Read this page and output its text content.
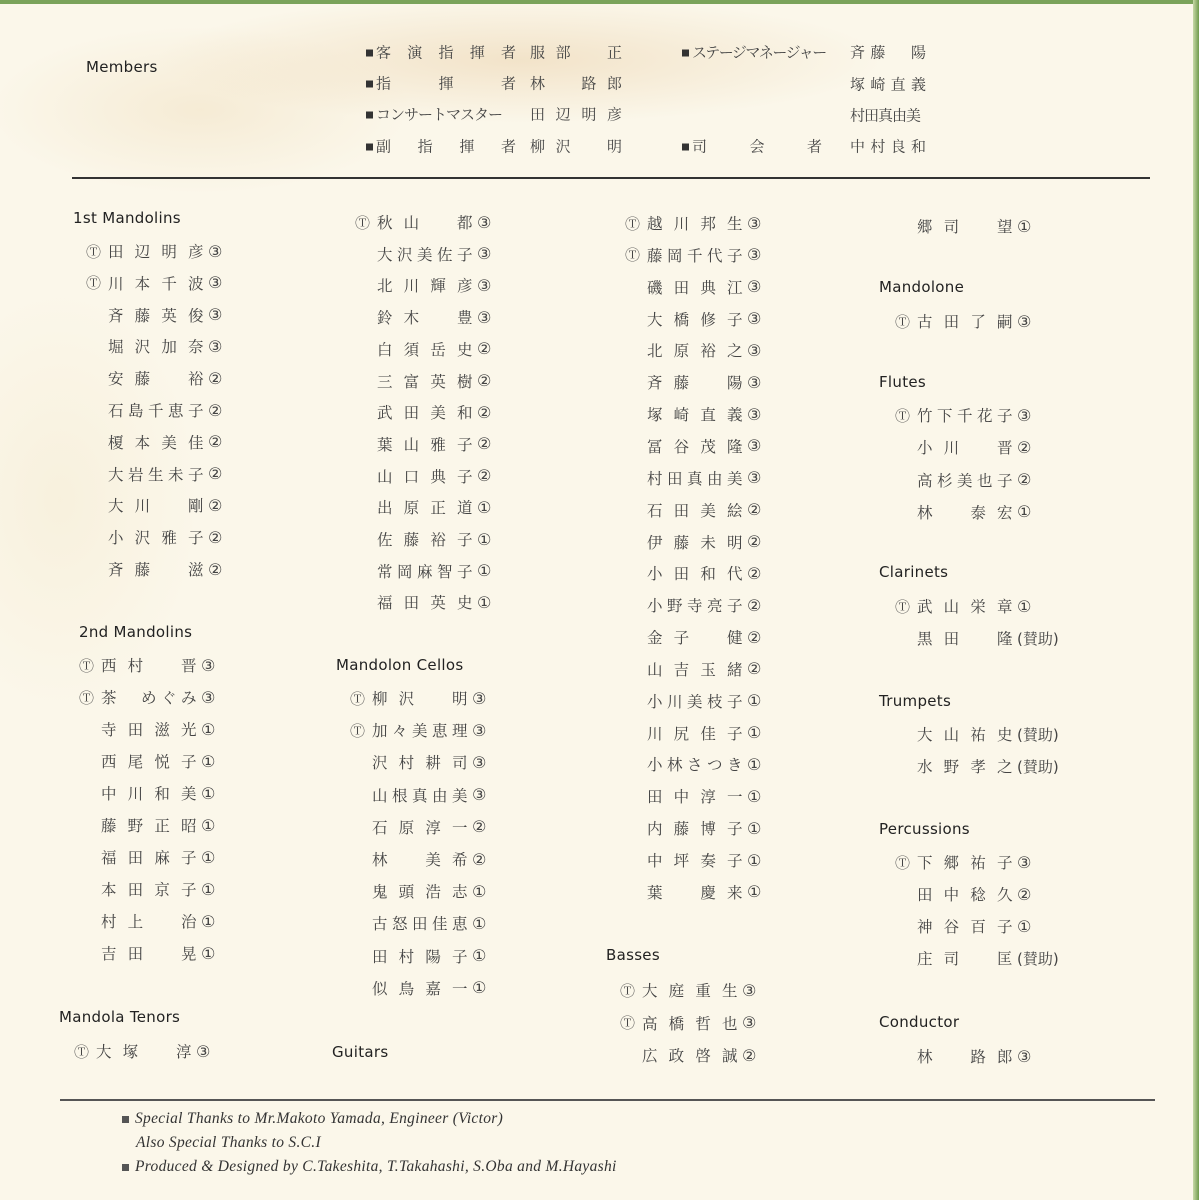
Members
客演指揮者 服部　正
指揮者 林　路郎
コンサートマスター	田辺明彦
副指揮者 柳沢　明
ステージマネージャー 斉藤　陽
塚崎直義
村田真由美
司会者 中村良和
1st Mandolins
Ⓣ 田辺明彦 ③
Ⓣ 川本千波 ③
斉藤英俊 ③
堀沢加奈 ③
安藤　裕 ②
石島千恵子 ②
榎本美佳 ②
大岩生未子 ②
大川　剛 ②
小沢雅子 ②
斉藤　滋 ②
Ⓣ 秋山　都 ③
大沢美佐子 ③
北川輝彦 ③
鈴木　豊 ③
白須岳史 ②
三富英樹 ②
武田美和 ②
葉山雅子 ②
山口典子 ②
出原正道 ①
佐藤裕子 ①
常岡麻智子 ①
福田英史 ①
Ⓣ 越川邦生 ③
Ⓣ 藤岡千代子 ③
磯田典江 ③
大橋修子 ③
北原裕之 ③
斉藤　陽 ③
塚崎直義 ③
冨谷茂隆 ③
村田真由美 ③
石田美絵 ②
伊藤未明 ②
小田和代 ②
小野寺亮子 ②
金子　健 ②
山吉玉緒 ②
小川美枝子 ①
川尻佳子 ①
小林さつき ①
田中淳一 ①
内藤博子 ①
中坪奏子 ①
葉　慶来 ①
郷司　望 ①
2nd Mandolins
Ⓣ 西村　晋 ③
Ⓣ 茶　めぐみ ③
寺田滋光 ①
西尾悦子 ①
中川和美 ①
藤野正昭 ①
福田麻子 ①
本田京子 ①
村上　治 ①
吉田　晃 ①
Mandola Tenors
Ⓣ 大塚　淳 ③
Mandolon Cellos
Ⓣ 柳沢　明 ③
Ⓣ 加々美恵理 ③
沢村耕司 ③
山根真由美 ③
石原淳一 ②
林　美希 ②
鬼頭浩志 ①
古怒田佳恵 ①
田村陽子 ①
似鳥嘉一 ①
Guitars
Basses
Ⓣ 大庭重生 ③
Ⓣ 高橋哲也 ③
広政啓誠 ②
Mandolone
Ⓣ 古田了嗣 ③
Flutes
Ⓣ 竹下千花子 ③
小川　晋 ②
高杉美也子 ②
林　泰宏 ①
Clarinets
Ⓣ 武山栄章 ①
黒田　隆 (賛助)
Trumpets
大山祐史 (賛助)
水野孝之 (賛助)
Percussions
Ⓣ 下郷祐子 ③
田中稔久 ②
神谷百子 ①
庄司　匡 (賛助)
Conductor
林　路郎 ③
Special Thanks to Mr.Makoto Yamada, Engineer (Victor)
Also Special Thanks to S.C.I
Produced & Designed by C.Takeshita, T.Takahashi, S.Oba and M.Hayashi
